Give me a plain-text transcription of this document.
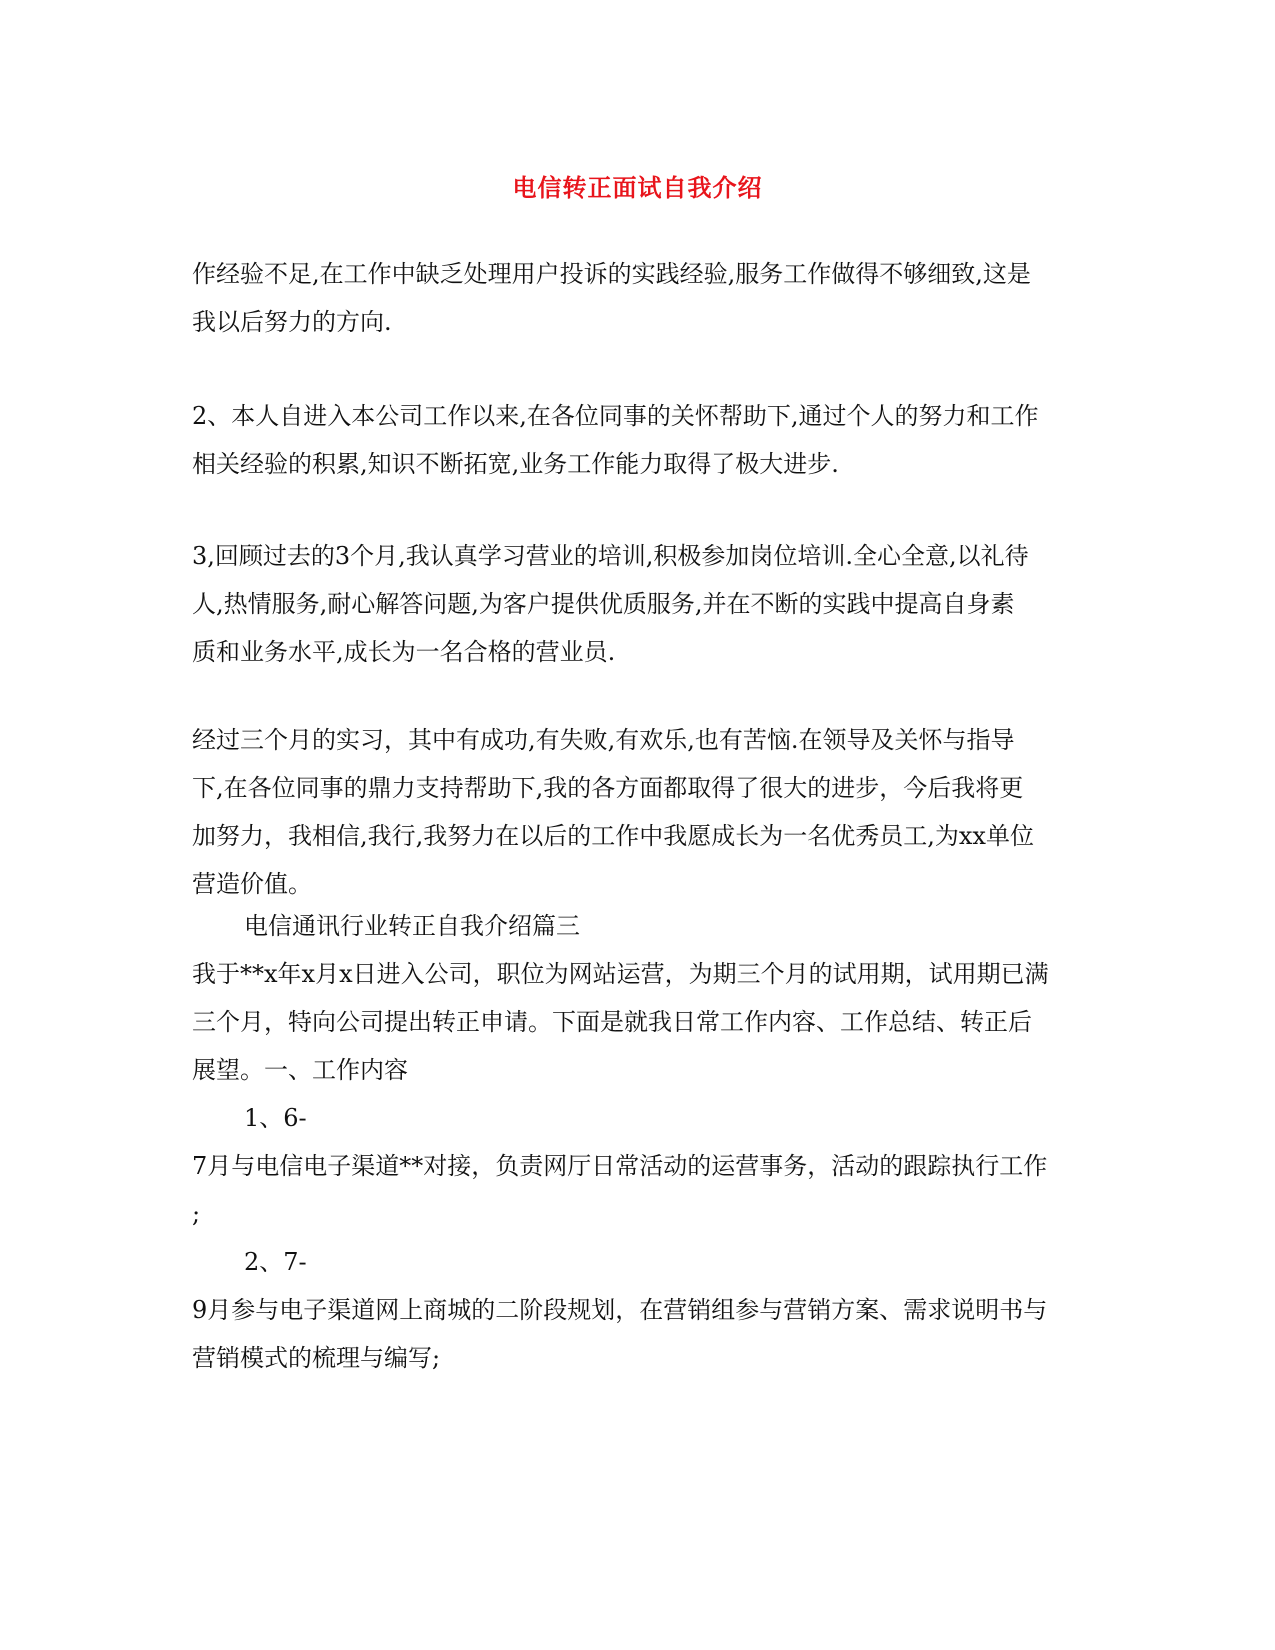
电信转正面试自我介绍
作经验不足,在工作中缺乏处理用户投诉的实践经验,服务工作做得不够细致,这是
我以后努力的方向.
2、本人自进入本公司工作以来,在各位同事的关怀帮助下,通过个人的努力和工作
相关经验的积累,知识不断拓宽,业务工作能力取得了极大进步.
3,回顾过去的3个月,我认真学习营业的培训,积极参加岗位培训.全心全意,以礼待
人,热情服务,耐心解答问题,为客户提供优质服务,并在不断的实践中提高自身素
质和业务水平,成长为一名合格的营业员.
经过三个月的实习，其中有成功,有失败,有欢乐,也有苦恼.在领导及关怀与指导
下,在各位同事的鼎力支持帮助下,我的各方面都取得了很大的进步，今后我将更
加努力，我相信,我行,我努力在以后的工作中我愿成长为一名优秀员工,为xx单位
营造价值。
电信通讯行业转正自我介绍篇三
我于**x年x月x日进入公司，职位为网站运营，为期三个月的试用期，试用期已满
三个月，特向公司提出转正申请。下面是就我日常工作内容、工作总结、转正后
展望。一、工作内容
1、6-
7月与电信电子渠道**对接，负责网厅日常活动的运营事务，活动的跟踪执行工作
;
2、7-
9月参与电子渠道网上商城的二阶段规划，在营销组参与营销方案、需求说明书与
营销模式的梳理与编写;
